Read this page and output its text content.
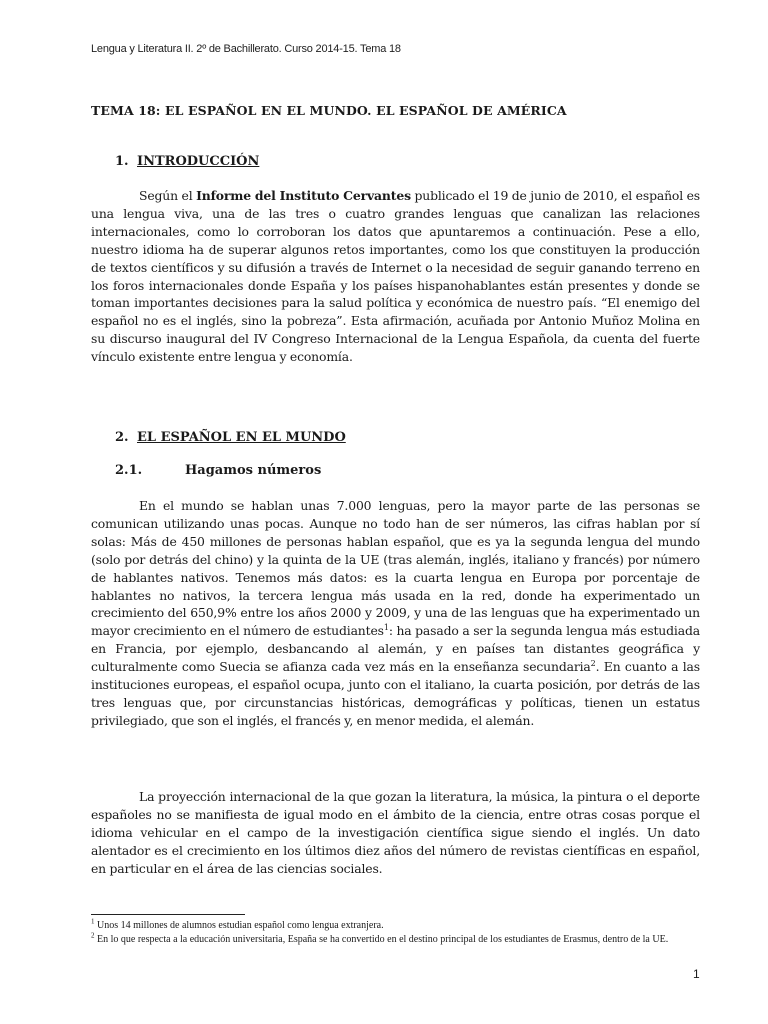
Lengua y Literatura II. 2º de Bachillerato. Curso 2014-15. Tema 18
TEMA 18: EL ESPAÑOL EN EL MUNDO. EL ESPAÑOL DE AMÉRICA
1. INTRODUCCIÓN

Según el Informe del Instituto Cervantes publicado el 19 de junio de 2010, el español es una lengua viva, una de las tres o cuatro grandes lenguas que canalizan las relaciones internacionales, como lo corroboran los datos que apuntaremos a continuación. Pese a ello, nuestro idioma ha de superar algunos retos importantes, como los que constituyen la producción de textos científicos y su difusión a través de Internet o la necesidad de seguir ganando terreno en los foros internacionales donde España y los países hispanohablantes están presentes y donde se toman importantes decisiones para la salud política y económica de nuestro país. “El enemigo del español no es el inglés, sino la pobreza”. Esta afirmación, acuñada por Antonio Muñoz Molina en su discurso inaugural del IV Congreso Internacional de la Lengua Española, da cuenta del fuerte vínculo existente entre lengua y economía.

2. EL ESPAÑOL EN EL MUNDO
2.1.	Hagamos números

En el mundo se hablan unas 7.000 lenguas, pero la mayor parte de las personas se comunican utilizando unas pocas. Aunque no todo han de ser números, las cifras hablan por sí solas: Más de 450 millones de personas hablan español, que es ya la segunda lengua del mundo (solo por detrás del chino) y la quinta de la UE (tras alemán, inglés, italiano y francés) por número de hablantes nativos. Tenemos más datos: es la cuarta lengua en Europa por porcentaje de hablantes no nativos, la tercera lengua más usada en la red, donde ha experimentado un crecimiento del 650,9% entre los años 2000 y 2009, y una de las lenguas que ha experimentado un mayor crecimiento en el número de estudiantes$^1$: ha pasado a ser la segunda lengua más estudiada en Francia, por ejemplo, desbancando al alemán, y en países tan distantes geográfica y culturalmente como Suecia se afianza cada vez más en la enseñanza secundaria$^2$. En cuanto a las instituciones europeas, el español ocupa, junto con el italiano, la cuarta posición, por detrás de las tres lenguas que, por circunstancias históricas, demográficas y políticas, tienen un estatus privilegiado, que son el inglés, el francés y, en menor medida, el alemán.

La proyección internacional de la que gozan la literatura, la música, la pintura o el deporte españoles no se manifiesta de igual modo en el ámbito de la ciencia, entre otras cosas porque el idioma vehicular en el campo de la investigación científica sigue siendo el inglés. Un dato alentador es el crecimiento en los últimos diez años del número de revistas científicas en español, en particular en el área de las ciencias sociales.

$^1$ Unos 14 millones de alumnos estudian español como lengua extranjera.

$^2$ En lo que respecta a la educación universitaria, España se ha convertido en el destino principal de los estudiantes de Erasmus, dentro de la UE.

1
